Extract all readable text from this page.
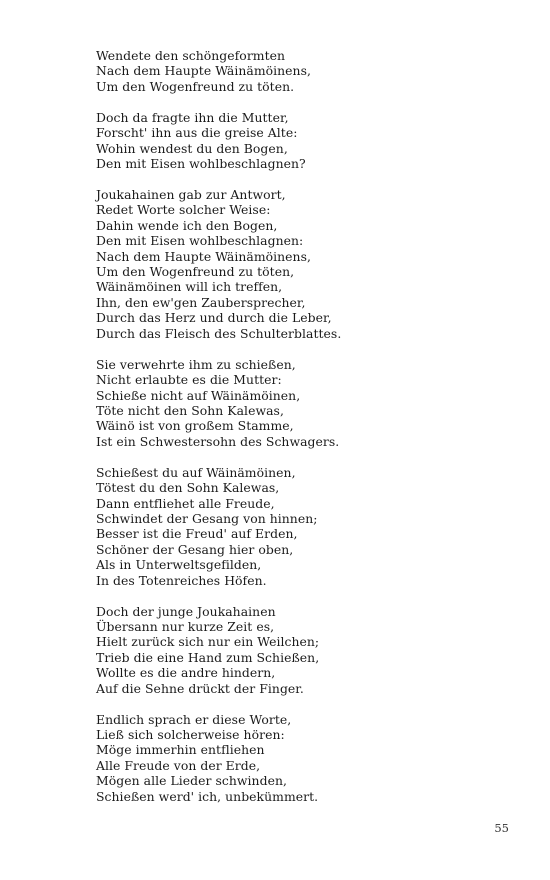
Wendete den schöngeformten
Nach dem Haupte Wäinämöinens,
Um den Wogenfreund zu töten.
Doch da fragte ihn die Mutter,
Forscht' ihn aus die greise Alte:
Wohin wendest du den Bogen,
Den mit Eisen wohlbeschlagnen?
Joukahainen gab zur Antwort,
Redet Worte solcher Weise:
Dahin wende ich den Bogen,
Den mit Eisen wohlbeschlagnen:
Nach dem Haupte Wäinämöinens,
Um den Wogenfreund zu töten,
Wäinämöinen will ich treffen,
Ihn, den ew'gen Zaubersprecher,
Durch das Herz und durch die Leber,
Durch das Fleisch des Schulterblattes.
Sie verwehrte ihm zu schießen,
Nicht erlaubte es die Mutter:
Schieße nicht auf Wäinämöinen,
Töte nicht den Sohn Kalewas,
Wäinö ist von großem Stamme,
Ist ein Schwestersohn des Schwagers.
Schießest du auf Wäinämöinen,
Tötest du den Sohn Kalewas,
Dann entfliehet alle Freude,
Schwindet der Gesang von hinnen;
Besser ist die Freud' auf Erden,
Schöner der Gesang hier oben,
Als in Unterweltsgefilden,
In des Totenreiches Höfen.
Doch der junge Joukahainen
Übersann nur kurze Zeit es,
Hielt zurück sich nur ein Weilchen;
Trieb die eine Hand zum Schießen,
Wollte es die andre hindern,
Auf die Sehne drückt der Finger.
Endlich sprach er diese Worte,
Ließ sich solcherweise hören:
Möge immerhin entfliehen
Alle Freude von der Erde,
Mögen alle Lieder schwinden,
Schießen werd' ich, unbekümmert.
55
